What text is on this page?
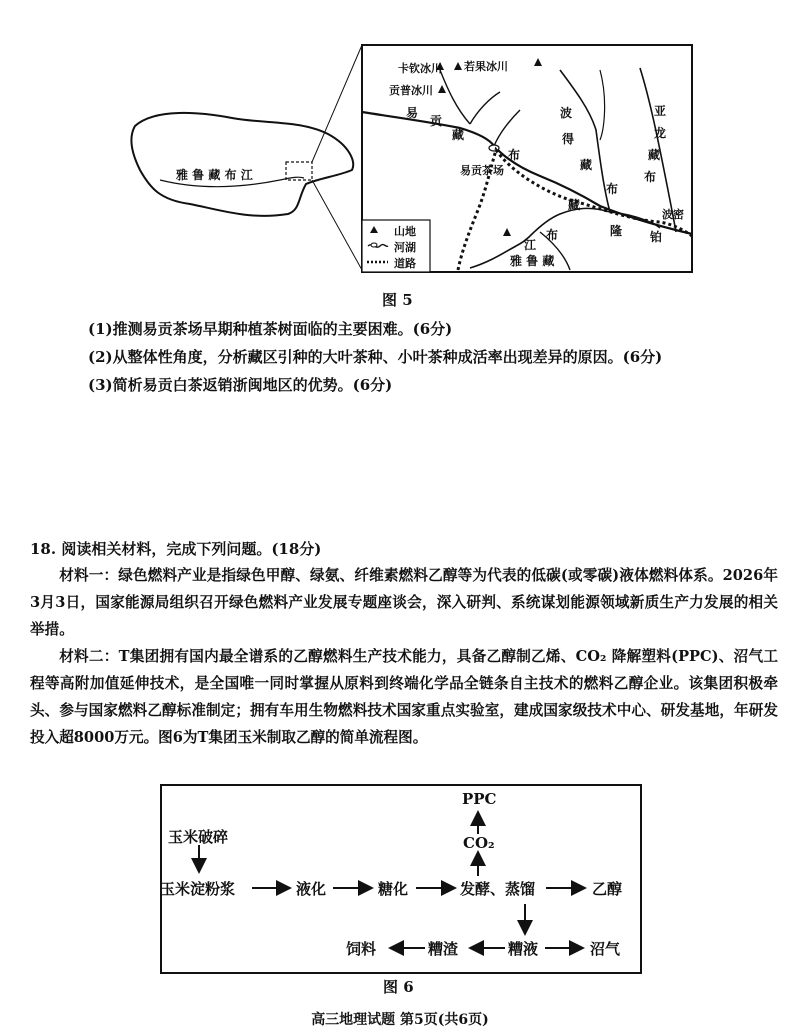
卡钦冰川 若果冰川
贡普冰川
易
贡
藏
布
易贡茶场
波
得
藏
亚
龙
藏
布
布
藏
隆
波密
铂
布
江
雅 鲁 藏
雅 鲁 藏 布 江
山地
河湖
道路
图 5
(1)推测易贡茶场早期种植茶树面临的主要困难。(6分)
(2)从整体性角度，分析藏区引种的大叶茶种、小叶茶种成活率出现差异的原因。(6分)
(3)简析易贡白茶返销浙闽地区的优势。(6分)
18. 阅读相关材料，完成下列问题。(18分)

材料一：绿色燃料产业是指绿色甲醇、绿氨、纤维素燃料乙醇等为代表的低碳(或零碳)液体燃料体系。2026年3月3日，国家能源局组织召开绿色燃料产业发展专题座谈会，深入研判、系统谋划能源领域新质生产力发展的相关举措。

材料二：T集团拥有国内最全谱系的乙醇燃料生产技术能力，具备乙醇制乙烯、CO₂ 降解塑料(PPC)、沼气工程等高附加值延伸技术，是全国唯一同时掌握从原料到终端化学品全链条自主技术的燃料乙醇企业。该集团积极牵头、参与国家燃料乙醇标准制定；拥有车用生物燃料技术国家重点实验室，建成国家级技术中心、研发基地，年研发投入超8000万元。图6为T集团玉米制取乙醇的简单流程图。

PPC
CO₂
玉米破碎
玉米淀粉浆	液化	糖化	发酵、蒸馏	乙醇
饲料	糟渣	糟液	沼气
图 6
高三地理试题 第5页(共6页)
